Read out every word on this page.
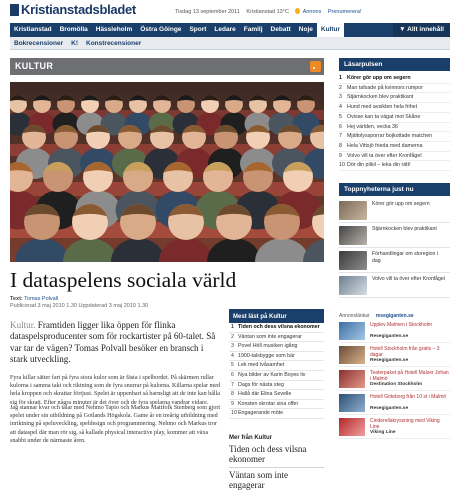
Kristianstadsbladet	Tisdag 13 september 2011 Kristianstad 13°C	Annons Prenumerera!
Kristianstad	Bromölla	Hässleholm	Östra Göinge	Sport	Ledare	Familj	Debatt	Noje	Kultur	▼ Allt innehåll
Bokrecensioner	K!	Konstrecensioner
KULTUR
I dataspelens sociala värld
Text: Tomas Polvall
Publicerad 3 maj 2010 1.30 Uppdaterad 3 maj 2010 1.30
Kultur. Framtiden ligger lika öppen för flinka dataspelsproducenter som för rockartister på 60-talet. Så var tar de vägen? Tomas Polvall besöker en bransch i stark utveckling.
Fyra killar sätter fart på fyra stora kulor som är fästa i spelbordet. På skärmen rullar kulorna i samma takt och riktning som de fyra snurrar på kulorna. Killarna spelar med hela kroppen och skrattar förtjust. Spelet är uppenbart så barnsligt att de inte kan hålla sig för skratt. Efter några minuter är det över och de fyra spelarna vandrar vidare.
Jag stannar kvar och talar med Nehmo Tapio och Markus Mattfolk Stenberg som gjort spelet under sin utbildning på Gotlands Högskola. Game år en treårig utbildning med inriktning på speluveckling, speldesign och programmering. Nehmo och Markus tror att dataspel där man rör sig, så kallade physical interactive play, kommer att växa snabbt under de närmaste åren.
Mest läst på Kultur
1 Tiden och dess vilsna ekonomer
2 Väntan som inte engagerar
3 Povel Höll musiken igång
4 1900-talsbygge som bär
5 Lek med tvåsamhet
6 Nya bilder av Karin Boyes liv
7 Dags för nästa steg
8 Hallå där Elina Sevelle
9 Konsten skrotar sina offer
10Engagerande möte
Mer från Kultur
Tiden och dess vilsna ekonomer
Väntan som inte engagerar
Läsarpulsen
1 Körer gör upp om segern
2 Man tafsade på kvinnors rumpor
3 Stjärnkocken blev praktikant
4 Hund med avsikten hela frihet
5 Ovisse kan ta vägat mot Skåne
6 Hej världen, vecka 36
7 Mjältolyssporrar bojkottade matchen
8 Hela Vittsjö frieda med damerna
9 Volvo vill ta över efter Kronfågel
10 Dör din pilkil – leka din rätt!
Toppnyheterna just nu
Körer gör upp om segern
Stjärnkocken blev praktikant
Förhandlingar om storegion i dag
Volvo vill ta över efter Kronfågel
Annonslänkar resegiganten.se
Upplev Malmen i Stockholm
Resegiganten.se
Hotell Stockholm från gratis – 3 dagar
Resegiganten.se
Teaterpaket på Hotell Malzer Johan i Malmö
Destination Stockholm
Hotell Göteborg från 10 st i Malmö
Resegiganten.se
Cinderellakryssning med Viking Line
Viking Line
